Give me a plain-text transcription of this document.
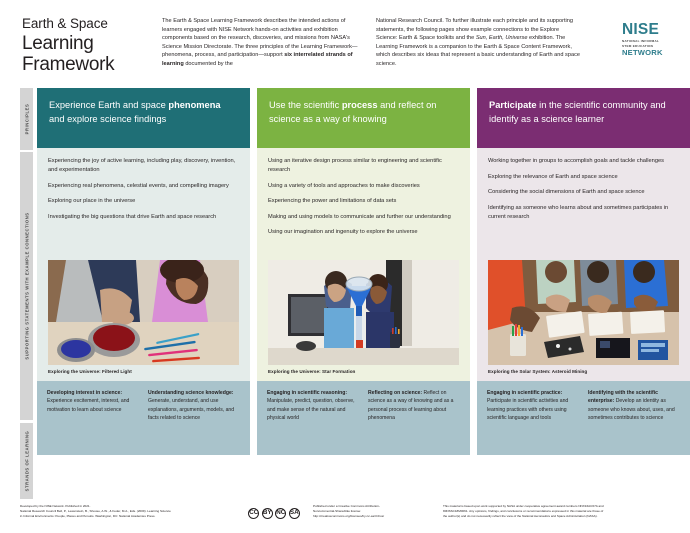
Earth & Space
Learning
Framework

The Earth & Space Learning Framework describes the intended actions of learners engaged with NISE Network hands-on activities and exhibition components based on the research, discoveries, and missions from NASA's Science Mission Directorate. The three principles of the Learning Framework—phenomena, process, and participation—support six interrelated strands of learning documented by the

National Research Council. To further illustrate each principle and its supporting statements, the following pages show example connections to the Explore Science: Earth & Space toolkits and the Sun, Earth, Universe exhibition. The Learning Framework is a companion to the Earth & Space Content Framework, which describes six ideas that represent a basic understanding of Earth and space science.

NISE
NATIONAL INFORMAL
STEM EDUCATION
NETWORK
PRINCIPLES
SUPPORTING STATEMENTS WITH EXAMPLE CONNECTIONS
STRANDS OF LEARNING
Experience Earth and space phenomena and explore science findings

Experiencing the joy of active learning, including play, discovery, invention, and experimentation

Experiencing real phenomena, celestial events, and compelling imagery

Exploring our place in the universe

Investigating the big questions that drive Earth and space research

Exploring the Universe: Filtered Light
Developing interest in science: Experience excitement, interest, and motivation to learn about science
Understanding science knowledge: Generate, understand, and use explanations, arguments, models, and facts related to science
Use the scientific process and reflect on science as a way of knowing

Using an iterative design process similar to engineering and scientific research

Using a variety of tools and approaches to make discoveries

Experiencing the power and limitations of data sets

Making and using models to communicate and further our understanding

Using our imagination and ingenuity to explore the universe

Exploring the Universe: Star Formation
Engaging in scientific reasoning: Manipulate, predict, question, observe, and make sense of the natural and physical world
Reflecting on science: Reflect on science as a way of knowing and as a personal process of learning about phenomena
Participate in the scientific community and identify as a science learner

Working together in groups to accomplish goals and tackle challenges

Exploring the relevance of Earth and space science

Considering the social dimensions of Earth and space science

Identifying as someone who learns about and sometimes participates in current research

Exploring the Solar System: Asteroid Mining
Engaging in scientific practice: Participate in scientific activities and learning practices with others using scientific language and tools
Identifying with the scientific enterprise: Develop an identity as someone who knows about, uses, and sometimes contributes to science

Developed by the NISE Network. Published in 2021.

National Research Council Bell, P., Lewenstein, B., Shouse, A.W., & Feder, M.A., Eds. (2009). Learning Science

in Informal Environments: People, Places and Pursuits. Washington, DC: National Academies Press.	CC BY NC SA

Published under a Creative Commons Attribution-

Noncommercial-ShareAlike license:

http://creativecommons.org/licenses/by-nc-sa/3.0/us/

This material is based upon work supported by NASA under cooperative agreement award numbers NNX16AC67A and

80NSSC18M0061. Any opinions, findings, and conclusions or recommendations expressed in this material are those of

the author(s) and do not necessarily reflect the view of the National Aeronautics and Space Administration (NASA).
